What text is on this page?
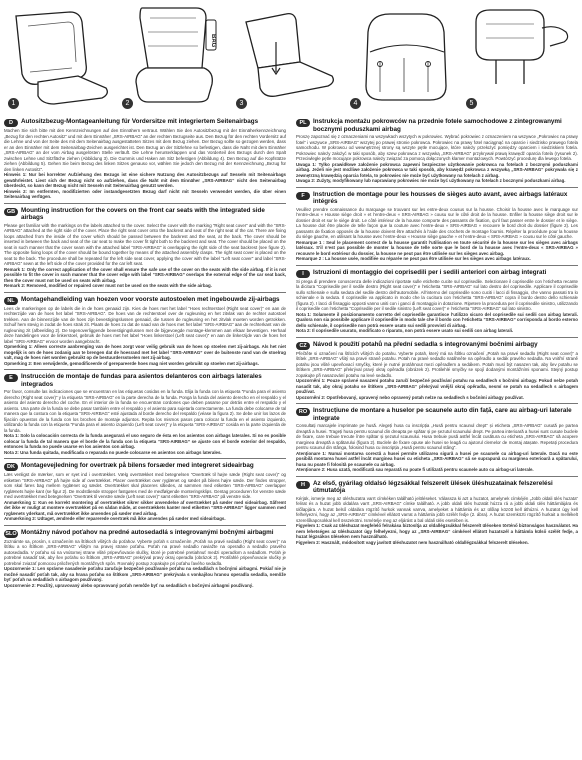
1
BAG
2	3	4	5
D	Autositzbezug-Montageanleitung für Vordersitze mit integriertem Seitenairbags

Machen Sie sich bitte mit den Kennzeichnungen auf den Einnähern vertraut. Wählen Sie den Autositzbezug mit der Einnäherkennzeichnung „Bezug für den rechten Autositz“ und mit dem Einnäher „SRS-AIRBAG“ an der rechten Bezugseite aus. Den Bezug für den rechten Vordersitz auf die Lehne und von der Seite des mit dem Seitenairbag ausgestatteten Sitzes mit dem Bezug ziehen. Der Bezug sollte so gezogen werden, dass er an den Einnäher mit dem Seitenairbag-Zeichen ausgerichtet ist. Den Bezug an der Sitzlehne so befestigen, dass die Naht mit dem Einnäher „SRS-AIRBAG“ an der vom Airbag ausgelösten Stelle verläuft. Die Lehne herunterklappen und das Vorderteil des Bezugs durch den Spalt zwischen Lehne und Sitzfläche ziehen (Abbildung 3). Die Gummis und Haken am Sitz befestigen (Abbildung 4). Den Bezug auf die Kopfstütze ziehen (Abbildung 5). Gehen Sie beim Bezug des linken Sitzes genauso vor, wählen Sie jedoch den Bezug mit der Kennzeichnung „Bezug für den linken Autositz“.

Hinweis 1: Nur bei korrekter Aufziehung des Bezugs ist eine sichere Nutzung des Autositzbezugs auf Sesseln mit Seitenairbags gewährleistet. Liest sich der Bezug nicht so aufziehen, dass die Naht mit dem Einnäher „SRS-AIRBAG“ nicht den Seitenairbag überdeckt, so kann der Bezug nicht mit Sesseln mit Seitenairbag genutzt werden.

Hinweis 2: Im entfernten, modifizierten oder instandgesetzten Bezug darf nicht mit Sesseln verwendet werden, die über einen Seitenairbag verfügen.

GB Mounting instruction for the covers on the front car seats with the integrated side airbags

Please get familiar with the markings on the labels attached to the cover. Select the cover with the marking “Right seat cover” and with the “SRS-AIRBAG” attached at the right side of the cover. Place the right seat cover onto the backrest and seat of the right seat of the car. There are fixing loops attached from the inside of the cover which should be passed between the backrest and the seat, at the back. The cover should be inserted in between the back and seat of the car seat to make the cover fit tight both to the backrest and seat. The cover should be placed on the seat in such manner that the cover seam with the attached label “SRS-AIRBAG” is overlapping the right side of the seat backrest (see figure 2). The opposite fixing loops of the cover should be bound together by means of the attached assembly clasps. The right seat cover is placed on the seat to the back. The procedure shall be repeated for the left side seat cover, applying the cover with the label “Left seat cover” and label “SRS-AIRBAG” sewn at the left side of the cover provided for the car left seat.

Remark 1: Only the correct application of the cover shall ensure the safe use of the cover on the seats with the side airbag. If it is not possible to fit the cover in such manner that the cover edge with label “SRS-AIRBAG” overlaps the external edge of the car seat back, then the cover must not be used on seats with airbag.

Remark 2: Removed, modified or repaired cover must not be used on the seats with the side airbag.

NL	Montagehandleiding van hoezen voor voorste autostoelen met ingebouwde zij-airbags

Lees de markeringen op de labels die in de hoes genaaid zijn. Kies de hoes met het label “Hoes rechterstoel (Right seat cover)” en aan de rechterzijde van de hoes het label “SRS-AIRBAG”. De hoes van de rechterstoel over de rugleuning en het zitvlak van de rechter autostoel trekken. Aan de binnenzijde van de hoes zijn bevestigingslussen genaaid, die tussen de rugleuning en het zitvlak moeten worden getrokken. Schuif hem stevig in zodat de hoes strak zit. Plaats de hoes zo dat de naad van de hoes met het label “SRS-AIRBAG” aan de rechterkant van de rugleuning zit (afbeelding 2). De tegenoverliggende bevestigingslussen met de bijgevoegde montage-klemmen aan elkaar bevestigen. Herhaal deze handelingen voor de linkerstoel, gebruik de hoes met het label “Hoes linkerstoel (Left seat cover)” en aan de linkerzijde van de hoes het label “SRS-AIRBAG” ervoor worden aangebracht.

Opmerking 1: Alleen correcte aanbrenging van de hoes zorgt voor veilig gebruik van de hoes op stoelen met zij-airbags. Als het niet mogelijk is om de hoes zodanig aan te brengen dat de hoesrand met het label “SRS-AIRBAG” over de buitenste rand van de stoelrug valt, mag de hoes niet worden gebruikt op de bestuurdersstoelen met zij-airbag.

Opmerking 2: Een verwijderde, gemodificeerde of gerepareerde hoes mag niet worden gebruikt op stoelen met zij-airbags.

E	Instrucción de montaje de fundas para asientos delanteros con airbags laterales integrados

Por favor, consulte las indicaciones que se encuentran en las etiquetas cosidas en la funda. Elija la funda con la etiqueta “Funda para el asiento derecho (Right seat cover)” y la etiqueta “SRS-AIRBAG” en la parte derecha de la funda. Ponga la funda del asiento derecho en el respaldo y el asiento del asiento derecho del coche. En el interior de la funda se encuentran cordones que deben pasarse por detrás entre el respaldo y el asiento. Una parte de la funda se debe pasar también entre el respaldo y el asiento para sujetarla correctamente. La funda debe colocarse de tal manera que la costura con la etiqueta “SRS-AIRBAG” esté ajustada al borde derecho del respaldo (véase la figura 2). Se debe unir los lazos de fijación opuestos de la funda con los broches de montaje adjuntos. Repita los mismos pasos para colocar la funda en el asiento izquierdo, utilizando la funda con la etiqueta “Funda para el asiento izquierdo (Left seat cover)” y la etiqueta “SRS-AIRBAG” cosida en la parte izquierda de la funda.

Nota 1: Solo la colocación correcta de la funda asegurará el uso seguro de ésta en los asientos con airbags laterales. Si no es posible colocar la funda de tal manera que el borde de la funda con la etiqueta “SRS-AIRBAG” se ajuste con el borde exterior del respaldo, entonces la funda no puede usarse en los asientos con airbag.

Nota 2: Una funda quitada, modificada o reparada no puede colocarse en asientos con airbags laterales.

DK Montagevejledning for overtræk på bilens forsæder med integreret sideairbag

Læs venligst de mærker, som er syet ind i overtrækket. Vælg overtrækket med betegnelsen “Overtræk til højre sæde (Right seat cover)” og etiketten “SRS-AIRBAG” på højre side af overtrækket. Placer overtrækket over ryglænet og sædet på bilens højre sæde. Der findes stropper, som skal føres bag mellem ryglænet og sædet. Overtrækket skal placeres således, at sømmen med etiketten “SRS-AIRBAG” overlapper ryglænets højre kant (se figur 2). De modstående stropper fastgøres med de medfølgende monteringsklips. Gentag proceduren for venstre sæde med overtrækket med betegnelsen “Overtræk til venstre sæde (Left seat cover)” samt etiketten “SRS-AIRBAG” på venstre side.

Anmærkning 1: Kun en korrekt montering af overtrækket sikrer sikker anvendelse af overtrækket på sæder med sideairbag. Såfremt det ikke er muligt at montere overtrækket på en sådan måde, at overtrækkets kanter med etiketten “SRS-AIRBAG” ligger sammen med ryglænets yderkant, må overtrækket ikke anvendes på sæder med airbag.

Anmærkning 2: Udtaget, ændrede eller reparerede overtræk må ikke anvendes på sæder med sideairbags.

SLO Montážny návod poťahov na predné autosedadlá s integrovanými bočnými airbagmi

Zoznámte sa, prosím, s označením na štítkoch všitých do poťahov. Vyberte poťah s označením „Poťah na pravé sedadlo (Right seat cover)“ na štítku a so štítkom „SRS-AIRBAG“ všitým na pravej strane poťahu. Poťah na pravé sedadlo naviažte na operadlo a sedadlo pravého autosedadla. V poťahu sú na vnútornej strane všité pripevňovacie slučky, ktoré je potrebné pretiahnuť medzi operadlom a sedadlom. Poťah je potrebné nasadiť tak, aby šev poťahu so štítkom „SRS-AIRBAG“ prekrýval pravý okraj operadla (obrázok 2). Protiľahlé pripevňovacie slučky je potrebné zviazať pomocou priložených montážnych spôn. Rovnaký postup zopakujte pri poťahu ľavého sedadla.

Upozornenie 1: Len správne nasadenie poťahu zaručuje bezpečné používanie poťahu na sedadlách s bočnými airbagmi. Pokiaľ nie je možné nasadiť poťah tak, aby sa hrana poťahu so štítkom „SRS-AIRBAG“ prekrývala s vonkajšou hranou operadla sedadla, nemôže byť poťah na sedadlách s airbagom používaný.

Upozornenie 2: Použitý, upravovaný alebo opravovaný poťah nemôže byť na sedadlách s bočnými airbagmi používaný.

PL	Instrukcja montażu pokrowców na przednie fotele samochodowe z zintegrowanymi bocznymi poduszkami airbag

Proszę zapoznać się z oznaczeniami na wszywkach wszytych w pokrowiec. Wybrać pokrowiec z oznaczeniem na wszywce „Pokrowiec na prawy fotel“ i wszywce „SRS-AIRBAG“ wszytej po prawej stronie pokrowca. Pokrowiec na prawy fotel naciągnąć na oparcie i siedzisko prawego fotela samochodu. W pokrowcu od wewnętrznej strony są wszyte pętle mocujące, które należy przełożyć pomiędzy oparciem i siedziskiem fotela. Pokrowiec należy założyć w taki sposób, aby szew pokrowca z wszywką „SRS-AIRBAG“ przykrywał prawą krawędź oparcia fotela (rysunek 2). Przeciwległe pętle mocujące pokrowca należy związać za pomocą dołączonych klamer montażowych. Powtórzyć procedurę dla lewego fotela.

Uwaga 1: Tylko prawidłowe założenie pokrowca zapewni bezpieczne użytkowanie pokrowca na fotelach z bocznymi poduszkami airbag. Jeżeli nie jest możliwe założenie pokrowca w taki sposób, aby krawędź pokrowca z wszywką „SRS-AIRBAG“ pokrywała się z zewnętrzną krawędzią oparcia fotela, to pokrowiec nie może być użytkowany na fotelach z airbag.

Uwaga 2: Zużyty, modyfikowany lub naprawiany pokrowiec nie może być użytkowany na fotelach z bocznymi poduszkami airbag.

F	Instruction de montage pour les housses de sièges auto avant, avec airbags latéraux intégrés

Veuillez prendre connaissance du marquage se trouvant sur les entre-deux cousus sur la housse. Choisir la housse avec le marquage sur l’entre-deux « Housse siège droit » et l’entre-deux « SRS-AIRBAG » cousu sur le côté droit de la housse. Enfiler la housse siège droit sur le dossier droit et sur le siège droit. Le côté intérieur de la housse comporte des passants de fixation, qu’il faut passer entre le dossier et le siège. La housse doit être placée de telle façon que la couture avec l’entre-deux « SRS-AIRBAG » recouvre le bord droit du dossier (figure 2). Les passants de fixation opposés de la housse doivent être attachés à l’aide des crochets de montage fournis. Répéter la procédure pour la housse du siège gauche, en utilisant la housse avec l’entre-deux « Housse siège gauche » et l’entre-deux « SRS-AIRBAG » cousu sur le côté gauche.

Remarque 1 : Seul le placement correct de la housse garantit l’utilisation en toute sécurité de la housse sur les sièges avec airbags latéraux. S’il n’est pas possible de monter la housse de telle sorte que le bord de la housse avec l’entre-deux « SRS-AIRBAG » recouvre le bord extérieur du dossier, la housse ne peut pas être utilisée sur les sièges avec airbag.

Remarque 2 : La housse usée, modifiée ou réparée ne peut pas être utilisée sur les sièges avec airbags latéraux.

I	Istruzioni di montaggio dei coprisedili per i sedili anteriori con airbag integrati

Si prega di prendere conoscenza delle indicazioni riportate sulle etichette cucite sul coprisedile. Selezionare il coprisedile con l’etichetta recante la dicitura “Coprisedile per il sedile destro (Right seat cover)” e l’etichetta “SRS-AIRBAG” sul lato destro del coprisedile. Applicare il coprisedile sullo schienale e sulla seduta del sedile destro dell’automobile. All’interno del coprisedile sono cuciti i lacci di fissaggio, che vanno passati tra lo schienale e la seduta. Il coprisedile va applicato in modo che la cucitura con l’etichetta “SRS-AIRBAG” copra il bordo destro dello schienale (figura 2). I lacci di fissaggio opposti vanno uniti con i ganci di montaggio in dotazione. Ripetere la procedura per il coprisedile sinistro, utilizzando il coprisedile con l’etichetta “Coprisedile per il sedile sinistro (Left seat cover)” e l’etichetta “SRS-AIRBAG” sul lato sinistro.

Nota 1: Solamente il posizionamento corretto del coprisedile garantisce l’utilizzo sicuro del coprisedile sui sedili con airbag laterali. Qualora non sia possibile applicare il coprisedile in modo tale che il bordo con l’etichetta “SRS-AIRBAG” corrisponda al bordo esterno dello schienale, il coprisedile non potrà essere usato sui sedili provvisti di airbag.

Nota 2: Il coprisedile usurato, modificato o riparato, non potrà essere usato sui sedili con airbag laterali.

CZ	Návod k použití potahů na přední sedadla s integrovanými bočními airbagy

Přečtěte si označení na štítcích všitých do potahu. Vyberte potah, který má na štítku označení „Potah na pravé sedadlo (Right seat cover)“ a štítek „SRS-AIRBAG“ všitý na pravé straně potahu. Potah na pravé sedadlo natáhněte na opěradlo a sedák pravého sedadla. Na vnitřní straně potahu jsou všité upevňovací smyčky, které je nutné protáhnout mezi opěradlem a sedákem. Potah musí být nasazen tak, aby šev potahu se štítkem „SRS-AIRBAG“ překrýval pravý okraj opěradla (obrázek 2). Protilehlé smyčky se spojí dodanými montážními sponami. Stejný postup zopakujte při nasazování potahu na levé sedadlo.

Upozornění 1: Pouze správné nasazení potahu zaručí bezpečné používání potahu na sedadlech s bočními airbagy. Pokud nelze potah nasadit tak, aby okraj potahu se štítkem „SRS-AIRBAG“ překrýval vnější okraj opěradla, nesmí se potah na sedadlech s airbagem používat.

Upozornění 2: Opotřebovaný, upravený nebo opravený potah nelze na sedadlech s bočními airbagy používat.

RO Instrucțiune de montare a huselor pe scaunele auto din față, care au airbag-uri laterale integrate

Consultați marcajele imprimate pe husă. Alegeți husa cu inscripția „Husă pentru scaunul drept“ și eticheta „SRS-AIRBAG“ cusută pe partea dreaptă a husei. Trageți husa pentru scaunul din dreapta pe spătar și pe șezutul scaunului drept. Pe partea interioară a husei sunt cusute buclele de fixare, care trebuie trecute între spătar și șezutul scaunului. Husa trebuie pusă astfel încât cusătura cu eticheta „SRS-AIRBAG“ să acopere marginea dreaptă a spătarului (figura 2). Buclele de fixare opuse ale husei se leagă cu ajutorul clemelor de montaj atașate. Repetați procedura pentru scaunul din stânga, folosind husa cu inscripția „Husă pentru scaunul stâng“.

Atenționare 1: Numai montarea corectă a husei permite utilizarea sigură a husei pe scaunele cu airbag-uri laterale. Dacă nu este posibilă montarea husei astfel încât marginea husei cu eticheta „SRS-AIRBAG“ să se suprapună cu marginea exterioară a spătarului, husa nu poate fi folosită pe scaunele cu airbag.

Atenționare 2: Husa uzată, modificată sau reparată nu poate fi utilizată pentru scaunele auto cu airbag-uri laterale.

H	Az első, gyárilag oldalsó légzsákkal felszerelt ülések üléshuzatainak felszerelési útmutatója

Kérjük, ismerje meg az üléshuzatra varrt címkéken található jelöléseket. Válassza ki azt a huzatot, amelynek címkéjén „Jobb oldali ülés huzata“ felirat és a huzat jobb oldalára varrt „SRS-AIRBAG“ címke található. A jobb oldali ülés huzatát húzza rá a jobb oldali ülés háttámlájára és ülőlapjára. A huzat belső oldalára rögzítő hurkok vannak varrva, amelyeket a háttámla és az ülőlap között kell áthúzni. A huzatot úgy kell felhelyezni, hogy az „SRS-AIRBAG“ címkével ellátott varrat a háttámla jobb szélét fedje (2. ábra). A huzat szemközti rögzítő hurkait a mellékelt szerelőkapcsokkal kell összekötni. Ismételje meg az eljárást a bal oldali ülés esetében is.

Figyelem 1: Csak az üléshuzat megfelelő felrakása biztosítja az oldallégzsákkal felszerelt üléseken történő biztonságos használatot. Ha nem lehetséges az üléshuzatot úgy felhelyezni, hogy az „SRS-AIRBAG“ címkével ellátott huzatszél a háttámla külső szélét fedje, a huzat légzsákos üléseken nem használható.

Figyelem 2: Használt, módosított vagy javított üléshuzatot nem használható oldallégzsákkal felszerelt üléseken.
